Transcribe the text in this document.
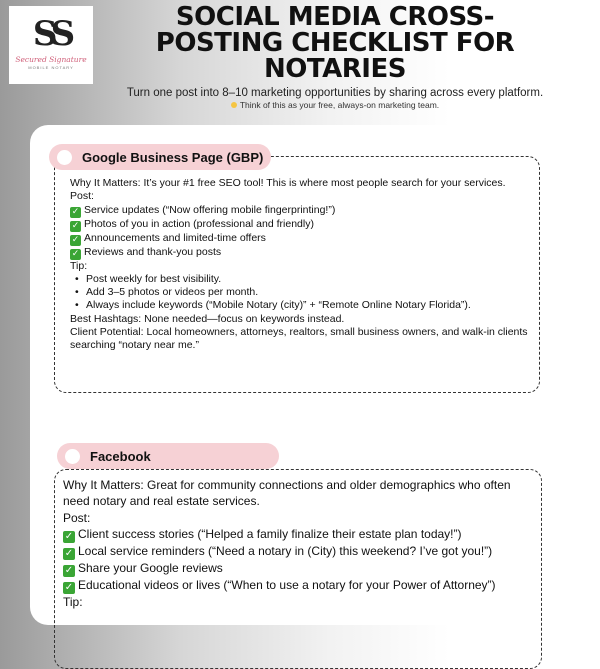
SS
Secured Signature
MOBILE NOTARY
SOCIAL MEDIA CROSS-
POSTING CHECKLIST FOR
NOTARIES
Turn one post into 8–10 marketing opportunities by sharing across every platform.
Think of this as your free, always-on marketing team.
Google Business Page (GBP)
Why It Matters: It’s your #1 free SEO tool! This is where most people search for your services.
Post:
✓ Service updates (“Now offering mobile fingerprinting!”)
✓ Photos of you in action (professional and friendly)
✓ Announcements and limited-time offers
✓ Reviews and thank-you posts
Tip:
• Post weekly for best visibility.
• Add 3–5 photos or videos per month.
• Always include keywords (“Mobile Notary (city)” + “Remote Online Notary Florida”).
Best Hashtags: None needed—focus on keywords instead.
Client Potential: Local homeowners, attorneys, realtors, small business owners, and walk-in clients searching “notary near me.”
Facebook
Why It Matters: Great for community connections and older demographics who often need notary and real estate services.
Post:
✓ Client success stories (“Helped a family finalize their estate plan today!”)
✓ Local service reminders (“Need a notary in (City) this weekend? I’ve got you!”)
✓ Share your Google reviews
✓ Educational videos or lives (“When to use a notary for your Power of Attorney”)
Tip:
